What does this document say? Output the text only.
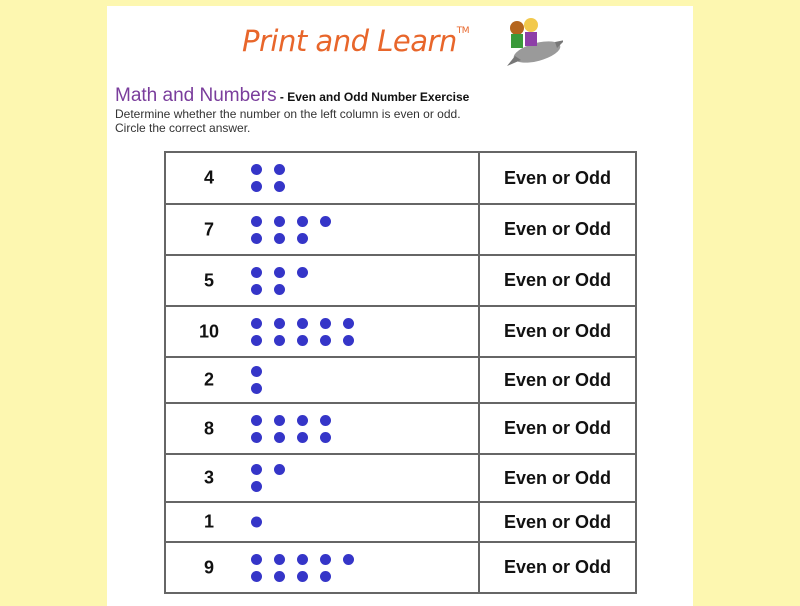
Print and Learn™
Math and Numbers - Even and Odd Number Exercise
Determine whether the number on the left column is even or odd.
Circle the correct answer.
4	Even or Odd

7	Even or Odd

5	Even or Odd

10	Even or Odd

2	Even or Odd

8	Even or Odd

3	Even or Odd

1	Even or Odd

9	Even or Odd
